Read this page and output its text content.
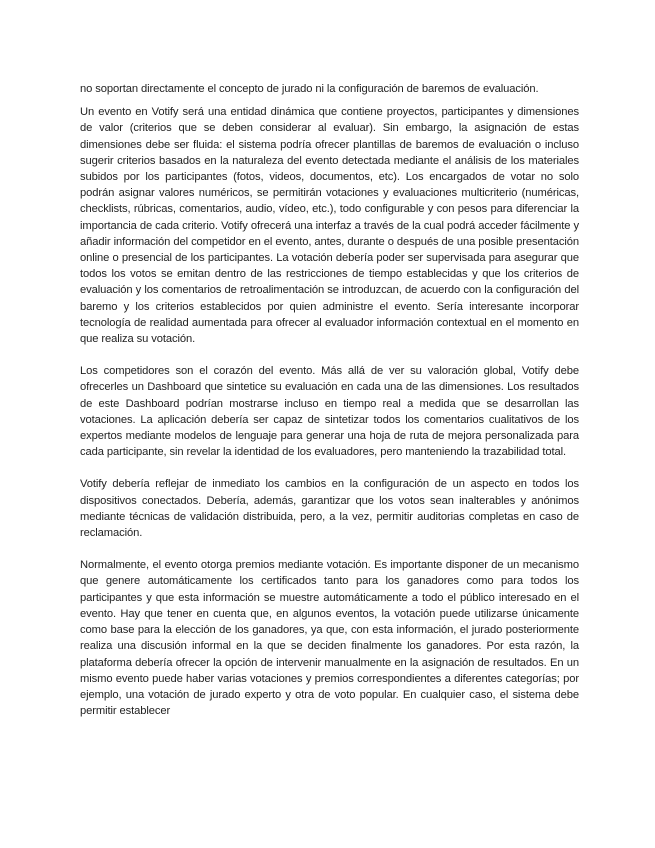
no soportan directamente el concepto de jurado ni la configuración de baremos de evaluación.

Un evento en Votify será una entidad dinámica que contiene proyectos, participantes y dimensiones de valor (criterios que se deben considerar al evaluar). Sin embargo, la asignación de estas dimensiones debe ser fluida: el sistema podría ofrecer plantillas de baremos de evaluación o incluso sugerir criterios basados en la naturaleza del evento detectada mediante el análisis de los materiales subidos por los participantes (fotos, videos, documentos, etc). Los encargados de votar no solo podrán asignar valores numéricos, se permitirán votaciones y evaluaciones multicriterio (numéricas, checklists, rúbricas, comentarios, audio, vídeo, etc.), todo configurable y con pesos para diferenciar la importancia de cada criterio. Votify ofrecerá una interfaz a través de la cual podrá acceder fácilmente y añadir información del competidor en el evento, antes, durante o después de una posible presentación online o presencial de los participantes. La votación debería poder ser supervisada para asegurar que todos los votos se emitan dentro de las restricciones de tiempo establecidas y que los criterios de evaluación y los comentarios de retroalimentación se introduzcan, de acuerdo con la configuración del baremo y los criterios establecidos por quien administre el evento. Sería interesante incorporar tecnología de realidad aumentada para ofrecer al evaluador información contextual en el momento en que realiza su votación.

Los competidores son el corazón del evento. Más allá de ver su valoración global, Votify debe ofrecerles un Dashboard que sintetice su evaluación en cada una de las dimensiones. Los resultados de este Dashboard podrían mostrarse incluso en tiempo real a medida que se desarrollan las votaciones. La aplicación debería ser capaz de sintetizar todos los comentarios cualitativos de los expertos mediante modelos de lenguaje para generar una hoja de ruta de mejora personalizada para cada participante, sin revelar la identidad de los evaluadores, pero manteniendo la trazabilidad total.

Votify debería reflejar de inmediato los cambios en la configuración de un aspecto en todos los dispositivos conectados. Debería, además, garantizar que los votos sean inalterables y anónimos mediante técnicas de validación distribuida, pero, a la vez, permitir auditorias completas en caso de reclamación.

Normalmente, el evento otorga premios mediante votación. Es importante disponer de un mecanismo que genere automáticamente los certificados tanto para los ganadores como para todos los participantes y que esta información se muestre automáticamente a todo el público interesado en el evento. Hay que tener en cuenta que, en algunos eventos, la votación puede utilizarse únicamente como base para la elección de los ganadores, ya que, con esta información, el jurado posteriormente realiza una discusión informal en la que se deciden finalmente los ganadores. Por esta razón, la plataforma debería ofrecer la opción de intervenir manualmente en la asignación de resultados. En un mismo evento puede haber varias votaciones y premios correspondientes a diferentes categorías; por ejemplo, una votación de jurado experto y otra de voto popular. En cualquier caso, el sistema debe permitir establecer
